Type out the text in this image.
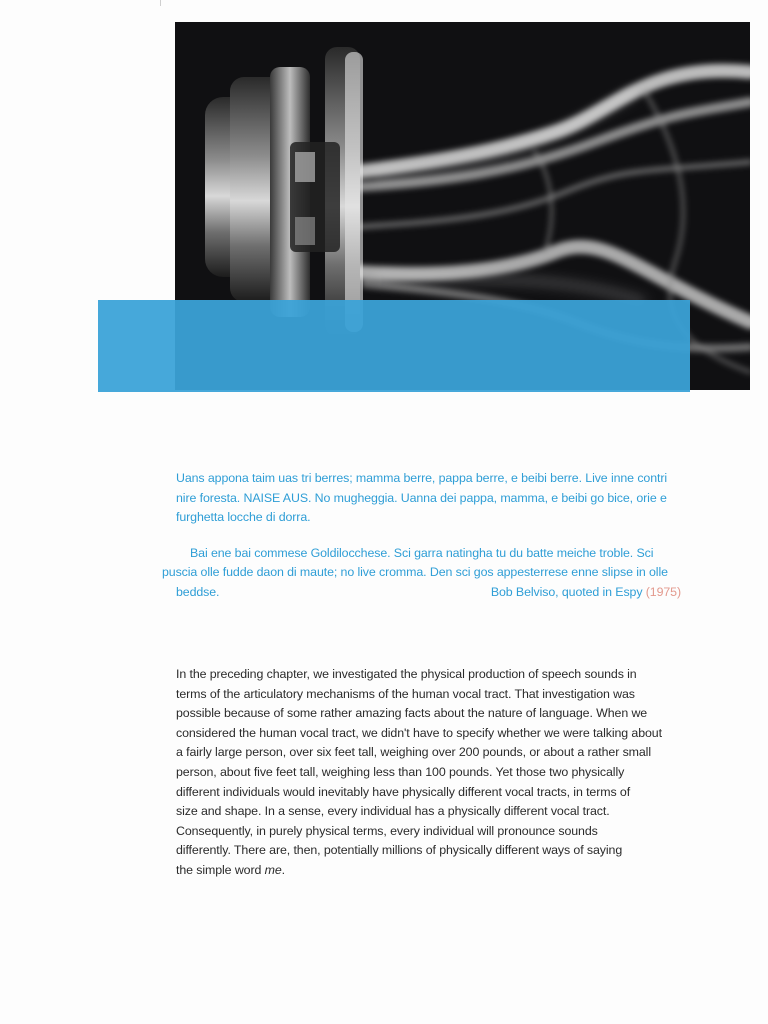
Uans appona taim uas tri berres; mamma berre, pappa berre, e beibi berre. Live inne contri nire foresta. NAISE AUS. No mugheggia. Uanna dei pappa, mamma, e beibi go bice, orie e furghetta locche di dorra.

Bai ene bai commese Goldilocchese. Sci garra natingha tu du batte meiche troble. Sci
puscia olle fudde daon di maute; no live cromma. Den sci gos appesterrese enne slipse in olle

beddse.	Bob Belviso, quoted in Espy (1975)

In the preceding chapter, we investigated the physical production of speech sounds in

terms of the articulatory mechanisms of the human vocal tract. That investigation was

possible because of some rather amazing facts about the nature of language. When we

considered the human vocal tract, we didn't have to specify whether we were talking about

a fairly large person, over six feet tall, weighing over 200 pounds, or about a rather small

person, about five feet tall, weighing less than 100 pounds. Yet those two physically

different individuals would inevitably have physically different vocal tracts, in terms of

size and shape. In a sense, every individual has a physically different vocal tract.

Consequently, in purely physical terms, every individual will pronounce sounds

differently. There are, then, potentially millions of physically different ways of saying

the simple word me.
